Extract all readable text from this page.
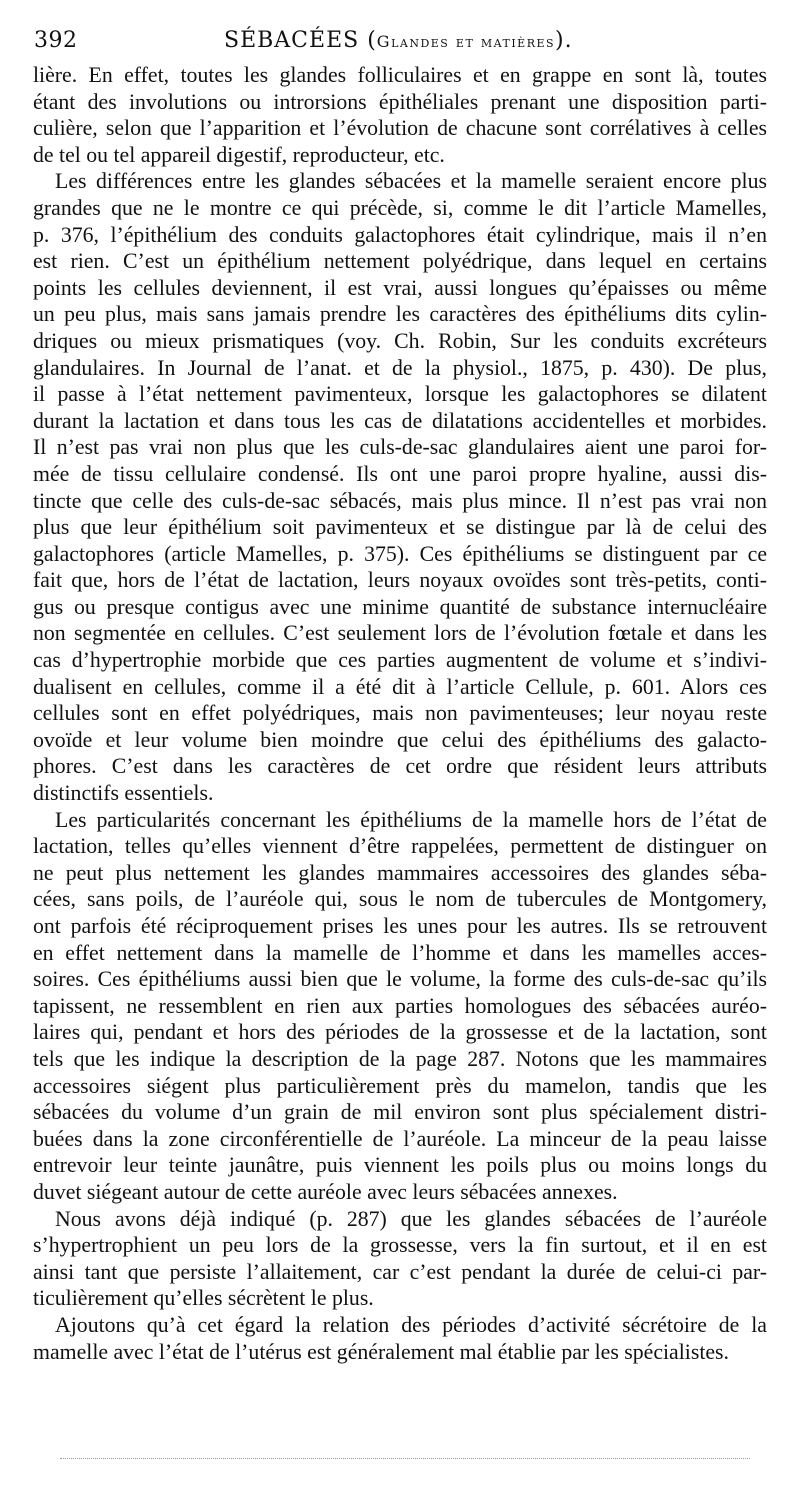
392	SÉBACÉES (Glandes et matières).
lière. En effet, toutes les glandes folliculaires et en grappe en sont là, toutes
étant des involutions ou introrsions épithéliales prenant une disposition parti-
culière, selon que l’apparition et l’évolution de chacune sont corrélatives à celles
de tel ou tel appareil digestif, reproducteur, etc.
Les différences entre les glandes sébacées et la mamelle seraient encore plus
grandes que ne le montre ce qui précède, si, comme le dit l’article Mamelles,
p. 376, l’épithélium des conduits galactophores était cylindrique, mais il n’en
est rien. C’est un épithélium nettement polyédrique, dans lequel en certains
points les cellules deviennent, il est vrai, aussi longues qu’épaisses ou même
un peu plus, mais sans jamais prendre les caractères des épithéliums dits cylin-
driques ou mieux prismatiques (voy. Ch. Robin, Sur les conduits excréteurs
glandulaires. In Journal de l’anat. et de la physiol., 1875, p. 430). De plus,
il passe à l’état nettement pavimenteux, lorsque les galactophores se dilatent
durant la lactation et dans tous les cas de dilatations accidentelles et morbides.
Il n’est pas vrai non plus que les culs-de-sac glandulaires aient une paroi for-
mée de tissu cellulaire condensé. Ils ont une paroi propre hyaline, aussi dis-
tincte que celle des culs-de-sac sébacés, mais plus mince. Il n’est pas vrai non
plus que leur épithélium soit pavimenteux et se distingue par là de celui des
galactophores (article Mamelles, p. 375). Ces épithéliums se distinguent par ce
fait que, hors de l’état de lactation, leurs noyaux ovoïdes sont très-petits, conti-
gus ou presque contigus avec une minime quantité de substance internucléaire
non segmentée en cellules. C’est seulement lors de l’évolution fœtale et dans les
cas d’hypertrophie morbide que ces parties augmentent de volume et s’indivi-
dualisent en cellules, comme il a été dit à l’article Cellule, p. 601. Alors ces
cellules sont en effet polyédriques, mais non pavimenteuses; leur noyau reste
ovoïde et leur volume bien moindre que celui des épithéliums des galacto-
phores. C’est dans les caractères de cet ordre que résident leurs attributs
distinctifs essentiels.
Les particularités concernant les épithéliums de la mamelle hors de l’état de
lactation, telles qu’elles viennent d’être rappelées, permettent de distinguer on
ne peut plus nettement les glandes mammaires accessoires des glandes séba-
cées, sans poils, de l’auréole qui, sous le nom de tubercules de Montgomery,
ont parfois été réciproquement prises les unes pour les autres. Ils se retrouvent
en effet nettement dans la mamelle de l’homme et dans les mamelles acces-
soires. Ces épithéliums aussi bien que le volume, la forme des culs-de-sac qu’ils
tapissent, ne ressemblent en rien aux parties homologues des sébacées auréo-
laires qui, pendant et hors des périodes de la grossesse et de la lactation, sont
tels que les indique la description de la page 287. Notons que les mammaires
accessoires siégent plus particulièrement près du mamelon, tandis que les
sébacées du volume d’un grain de mil environ sont plus spécialement distri-
buées dans la zone circonférentielle de l’auréole. La minceur de la peau laisse
entrevoir leur teinte jaunâtre, puis viennent les poils plus ou moins longs du
duvet siégeant autour de cette auréole avec leurs sébacées annexes.
Nous avons déjà indiqué (p. 287) que les glandes sébacées de l’auréole
s’hypertrophient un peu lors de la grossesse, vers la fin surtout, et il en est
ainsi tant que persiste l’allaitement, car c’est pendant la durée de celui-ci par-
ticulièrement qu’elles sécrètent le plus.
Ajoutons qu’à cet égard la relation des périodes d’activité sécrétoire de la
mamelle avec l’état de l’utérus est généralement mal établie par les spécialistes.
